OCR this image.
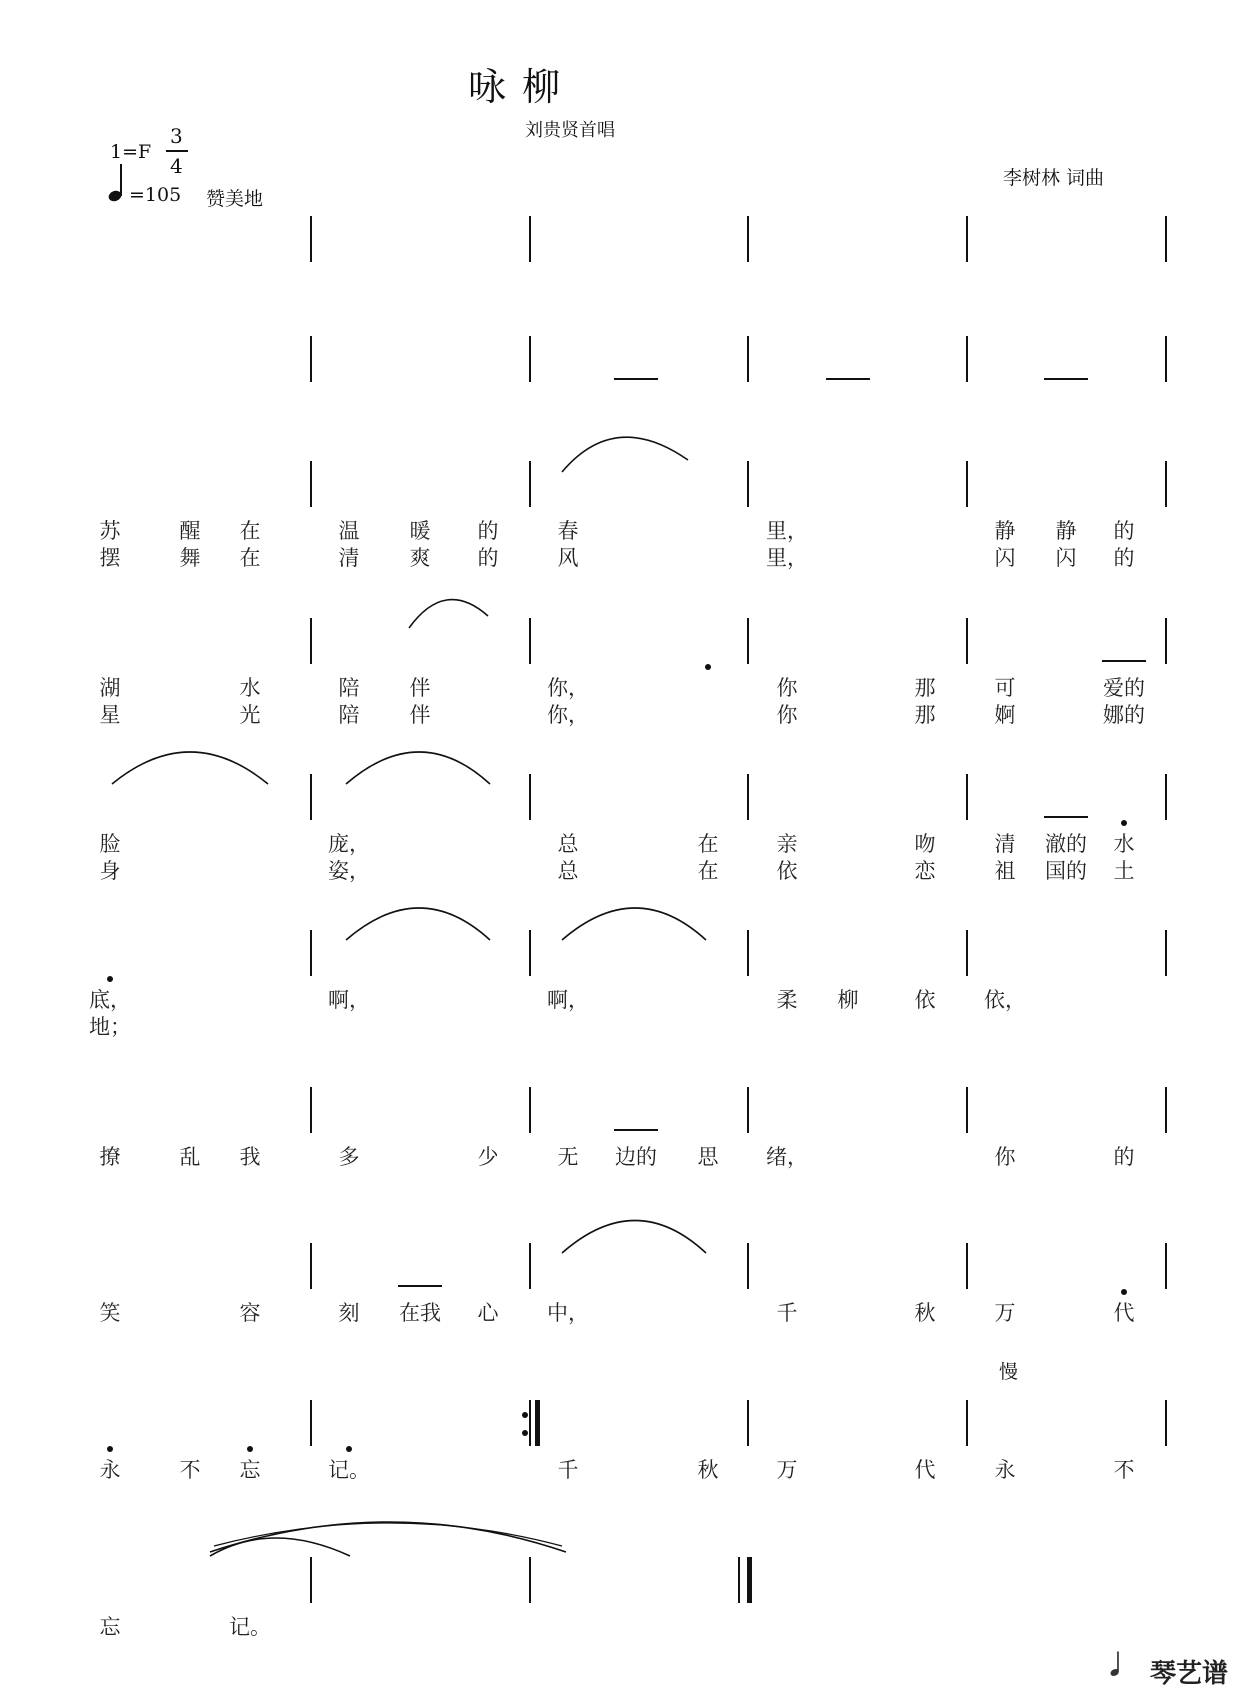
咏 柳
刘贵贤首唱
1=F
3
4
=105 赞美地
李树林 词曲
慢
苏	醒 在	温 暖 的	春	里，	静 静 的
摆	舞 在	清 爽 的	风	里，	闪 闪 的
湖	水	陪 伴	你，	你	那	可	爱的
星	光	陪 伴	你，	你	那	婀	娜的
脸	庞，	总	在	亲	吻	清 澈的 水
身	姿，	总	在	依	恋	祖 国的 土
底，	啊，	啊，	柔 柳	依 依，
地；
撩	乱 我	多	少	无 边的 思 绪，	你	的
笑	容	刻 在我 心 中，	千	秋	万	代
永	不 忘	记。	千	秋	万	代	永	不
忘	记。
𝅘𝅥 琴艺谱
